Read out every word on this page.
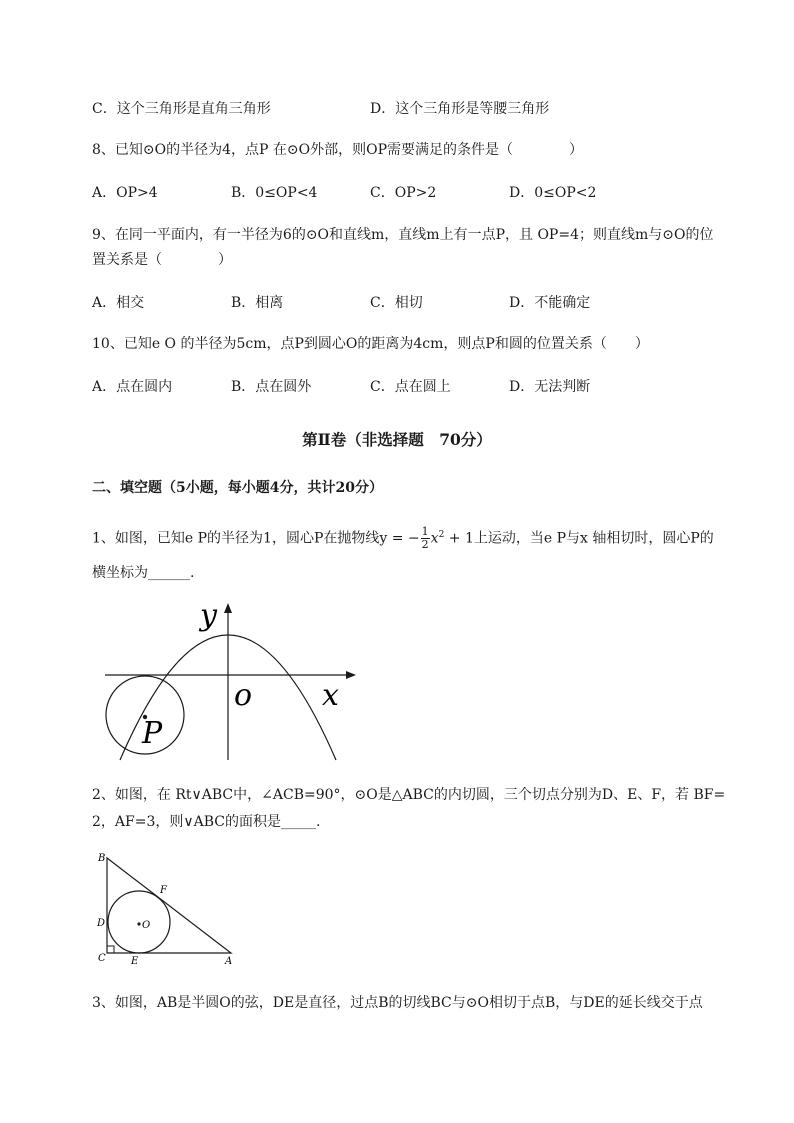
C．这个三角形是直角三角形	D．这个三角形是等腰三角形
8、已知⊙O的半径为4，点P 在⊙O外部，则OP需要满足的条件是（　　　　）
A．OP>4	B．0≤OP<4	C．OP>2	D．0≤OP<2
9、在同一平面内，有一半径为6的⊙O和直线m，直线m上有一点P，且 OP=4；则直线m与⊙O的位
置关系是（　　　　）
A．相交	B．相离	C．相切	D．不能确定
10、已知e O 的半径为5cm，点P到圆心O的距离为4cm，则点P和圆的位置关系（　　）
A．点在圆内	B．点在圆外	C．点在圆上	D．无法判断
第Ⅱ卷（非选择题　70分）
二、填空题（5小题，每小题4分，共计20分）
1、如图，已知e P的半径为1，圆心P在抛物线y = − $\frac{1}{2} x^2 + 1$上运动，当e P与x 轴相切时，圆心P的
横坐标为______.
y
x
o
P
2、如图，在 Rt∨ABC中，∠ACB=90°，⊙O是△ABC的内切圆，三个切点分别为D、E、F，若 BF=
2，AF=3，则∨ABC的面积是_____.
B
F
D	O
C	E	A
3、如图，AB是半圆O的弦，DE是直径，过点B的切线BC与⊙O相切于点B，与DE的延长线交于点
